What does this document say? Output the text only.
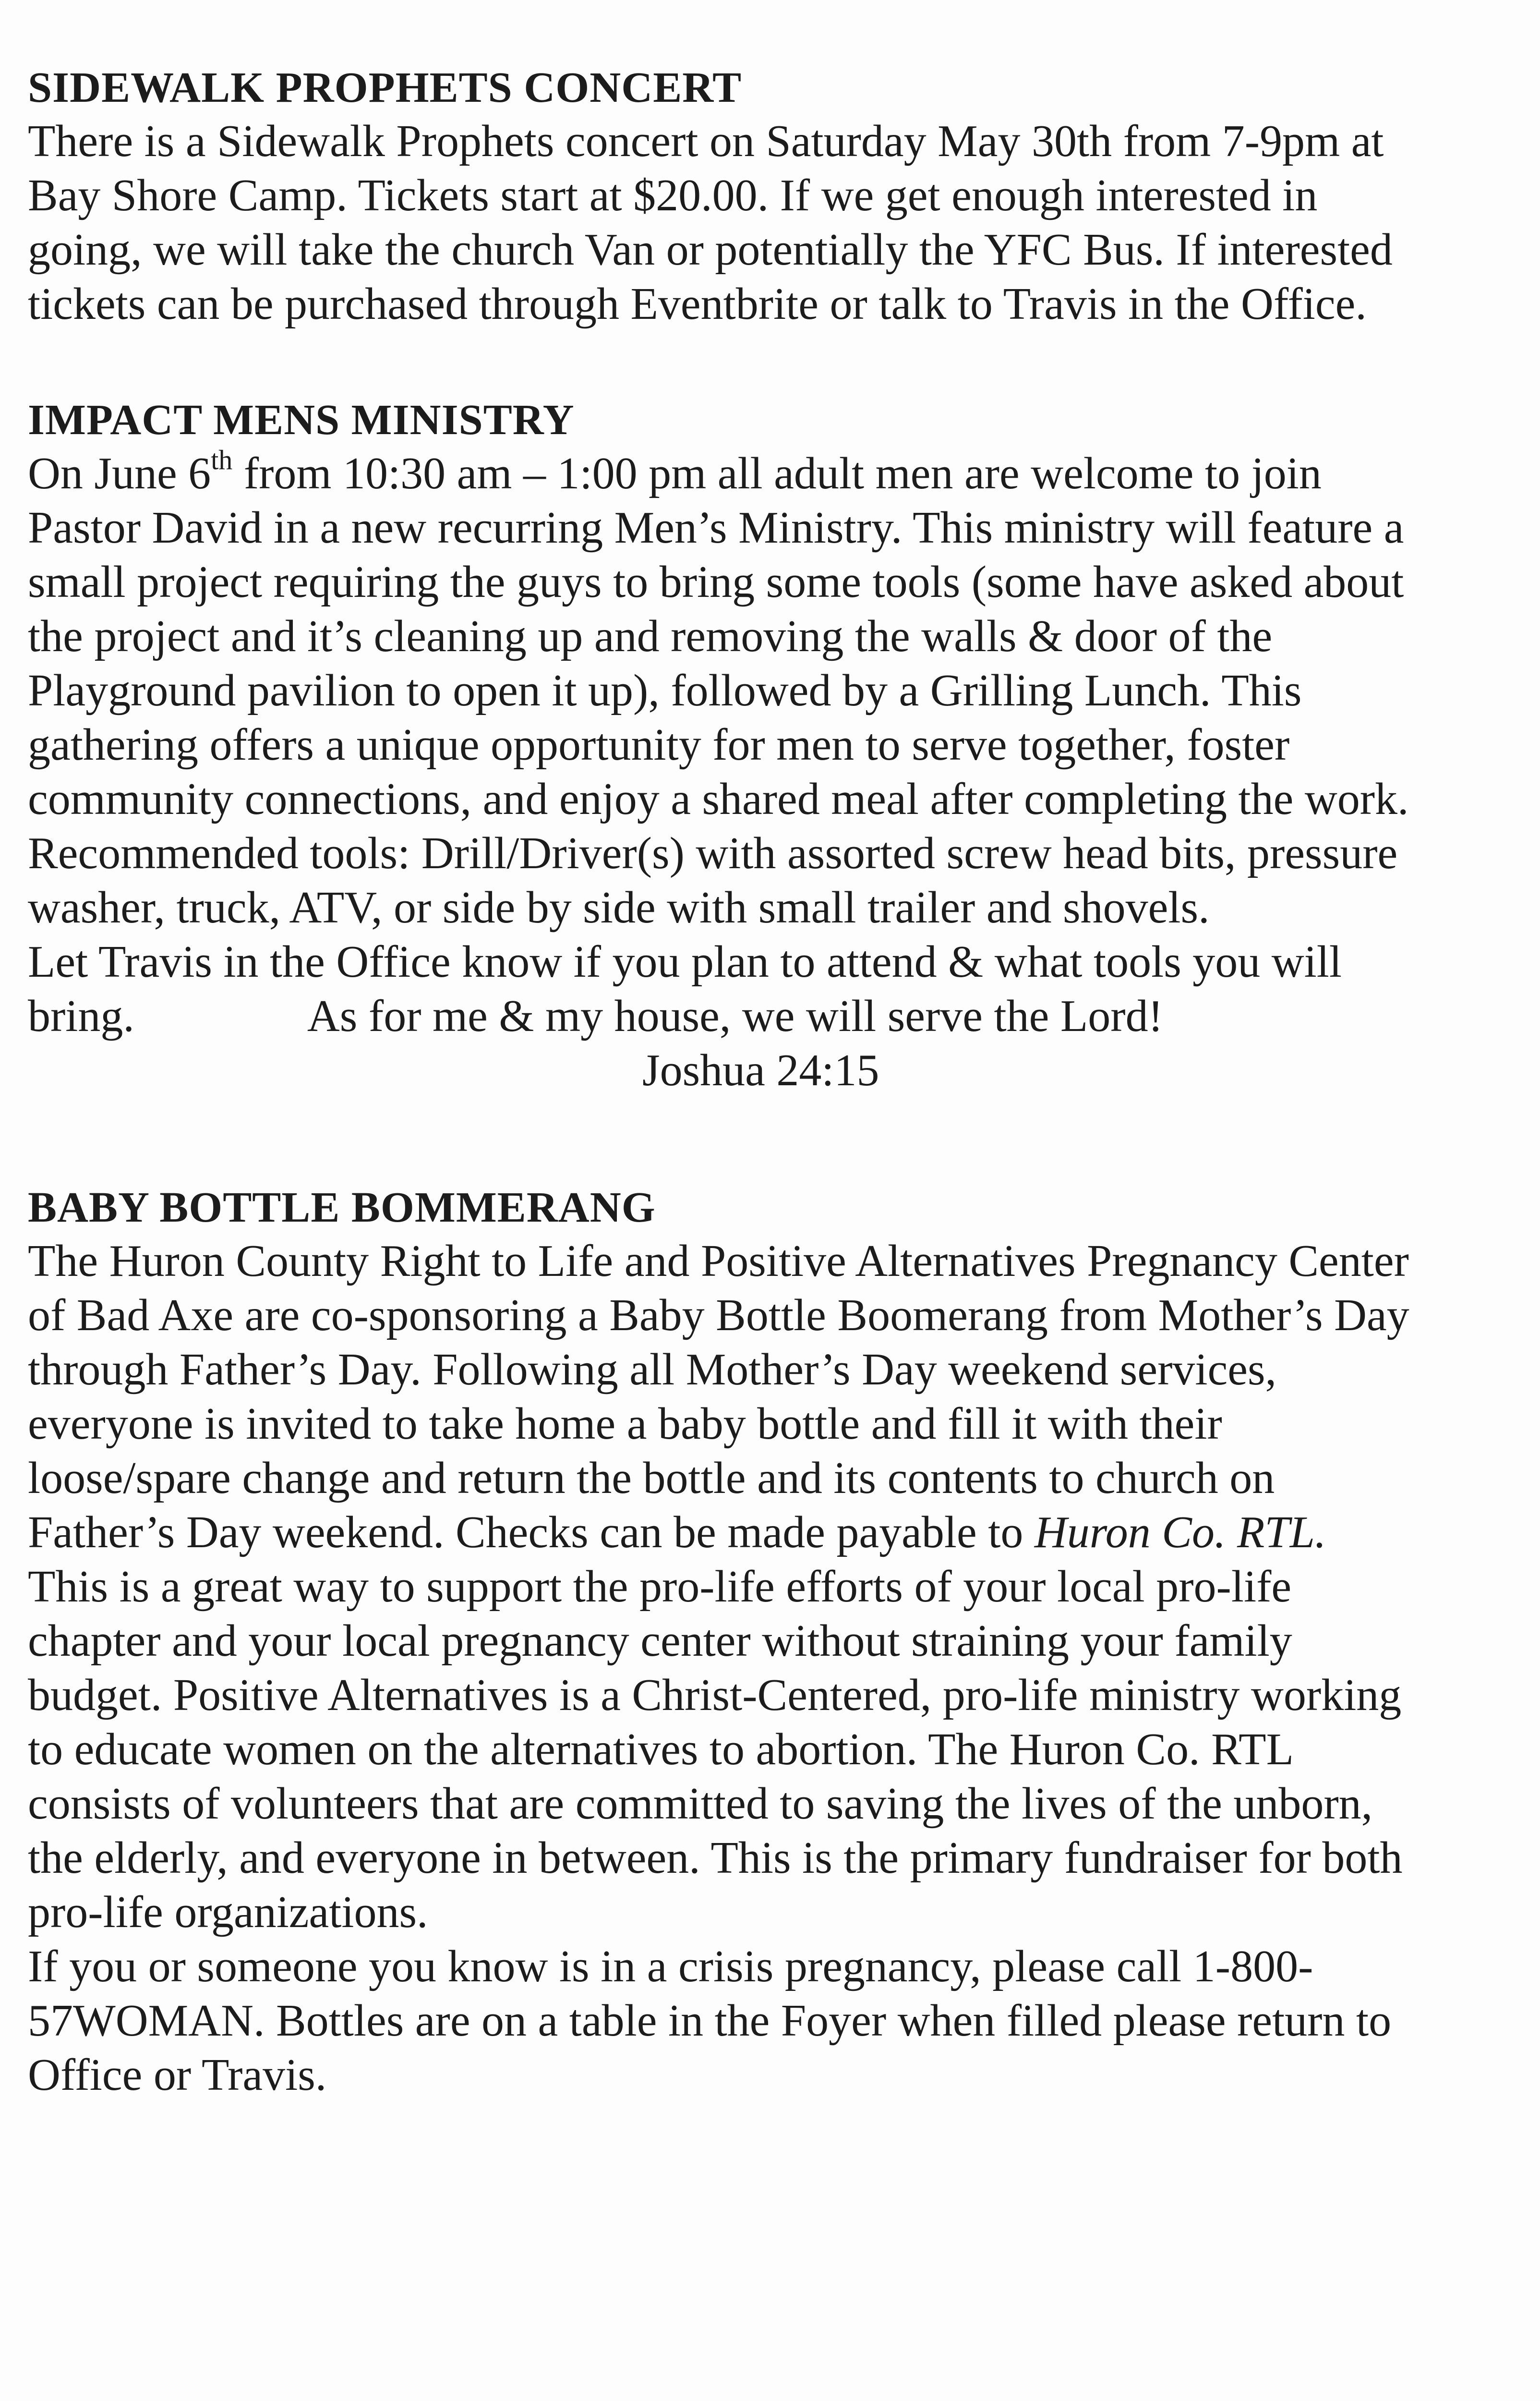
SIDEWALK PROPHETS CONCERT

There is a Sidewalk Prophets concert on Saturday May 30th from 7-9pm at
Bay Shore Camp. Tickets start at $20.00. If we get enough interested in
going, we will take the church Van or potentially the YFC Bus. If interested
tickets can be purchased through Eventbrite or talk to Travis in the Office.

IMPACT MENS MINISTRY

On June 6th from 10:30 am – 1:00 pm all adult men are welcome to join
Pastor David in a new recurring Men’s Ministry. This ministry will feature a
small project requiring the guys to bring some tools (some have asked about
the project and it’s cleaning up and removing the walls & door of the
Playground pavilion to open it up), followed by a Grilling Lunch. This
gathering offers a unique opportunity for men to serve together, foster
community connections, and enjoy a shared meal after completing the work.
Recommended tools: Drill/Driver(s) with assorted screw head bits, pressure
washer, truck, ATV, or side by side with small trailer and shovels.
Let Travis in the Office know if you plan to attend & what tools you will
bring.	As for me & my house, we will serve the Lord!
Joshua 24:15

BABY BOTTLE BOMMERANG

The Huron County Right to Life and Positive Alternatives Pregnancy Center
of Bad Axe are co-sponsoring a Baby Bottle Boomerang from Mother’s Day
through Father’s Day. Following all Mother’s Day weekend services,
everyone is invited to take home a baby bottle and fill it with their
loose/spare change and return the bottle and its contents to church on
Father’s Day weekend. Checks can be made payable to Huron Co. RTL.
This is a great way to support the pro-life efforts of your local pro-life
chapter and your local pregnancy center without straining your family
budget. Positive Alternatives is a Christ-Centered, pro-life ministry working
to educate women on the alternatives to abortion. The Huron Co. RTL
consists of volunteers that are committed to saving the lives of the unborn,
the elderly, and everyone in between. This is the primary fundraiser for both
pro-life organizations.
If you or someone you know is in a crisis pregnancy, please call 1-800-
57WOMAN. Bottles are on a table in the Foyer when filled please return to
Office or Travis.
